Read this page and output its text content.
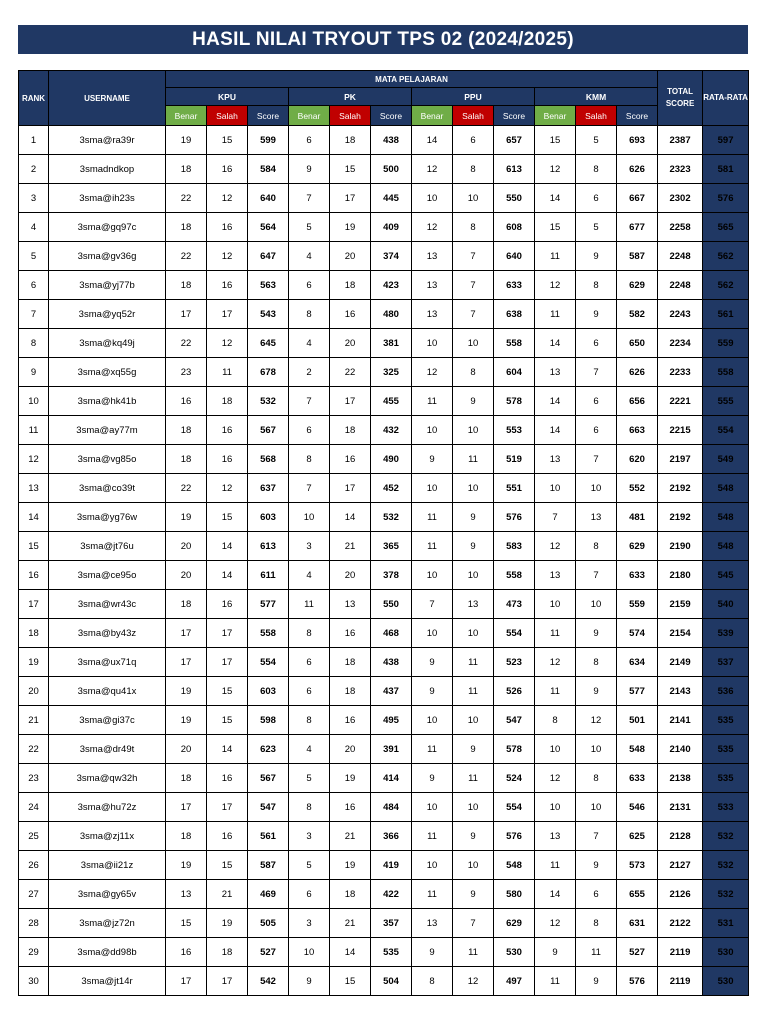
HASIL NILAI TRYOUT TPS 02 (2024/2025)
RANK	USERNAME	MATA PELAJARAN												TOTAL SCORE	RATA-RATA
		KPU			PK			PPU			KMM				
		Benar	Salah	Score	Benar	Salah	Score	Benar	Salah	Score	Benar	Salah	Score		
1	3sma@ra39r	19	15	599	6	18	438	14	6	657	15	5	693	2387	597
2	3smadndkop	18	16	584	9	15	500	12	8	613	12	8	626	2323	581
3	3sma@ih23s	22	12	640	7	17	445	10	10	550	14	6	667	2302	576
4	3sma@gq97c	18	16	564	5	19	409	12	8	608	15	5	677	2258	565
5	3sma@gv36g	22	12	647	4	20	374	13	7	640	11	9	587	2248	562
6	3sma@yj77b	18	16	563	6	18	423	13	7	633	12	8	629	2248	562
7	3sma@yq52r	17	17	543	8	16	480	13	7	638	11	9	582	2243	561
8	3sma@kq49j	22	12	645	4	20	381	10	10	558	14	6	650	2234	559
9	3sma@xq55g	23	11	678	2	22	325	12	8	604	13	7	626	2233	558
10	3sma@hk41b	16	18	532	7	17	455	11	9	578	14	6	656	2221	555
11	3sma@ay77m	18	16	567	6	18	432	10	10	553	14	6	663	2215	554
12	3sma@vg85o	18	16	568	8	16	490	9	11	519	13	7	620	2197	549
13	3sma@co39t	22	12	637	7	17	452	10	10	551	10	10	552	2192	548
14	3sma@yg76w	19	15	603	10	14	532	11	9	576	7	13	481	2192	548
15	3sma@jt76u	20	14	613	3	21	365	11	9	583	12	8	629	2190	548
16	3sma@ce95o	20	14	611	4	20	378	10	10	558	13	7	633	2180	545
17	3sma@wr43c	18	16	577	11	13	550	7	13	473	10	10	559	2159	540
18	3sma@by43z	17	17	558	8	16	468	10	10	554	11	9	574	2154	539
19	3sma@ux71q	17	17	554	6	18	438	9	11	523	12	8	634	2149	537
20	3sma@qu41x	19	15	603	6	18	437	9	11	526	11	9	577	2143	536
21	3sma@gi37c	19	15	598	8	16	495	10	10	547	8	12	501	2141	535
22	3sma@dr49t	20	14	623	4	20	391	11	9	578	10	10	548	2140	535
23	3sma@qw32h	18	16	567	5	19	414	9	11	524	12	8	633	2138	535
24	3sma@hu72z	17	17	547	8	16	484	10	10	554	10	10	546	2131	533
25	3sma@zj11x	18	16	561	3	21	366	11	9	576	13	7	625	2128	532
26	3sma@ii21z	19	15	587	5	19	419	10	10	548	11	9	573	2127	532
27	3sma@gy65v	13	21	469	6	18	422	11	9	580	14	6	655	2126	532
28	3sma@jz72n	15	19	505	3	21	357	13	7	629	12	8	631	2122	531
29	3sma@dd98b	16	18	527	10	14	535	9	11	530	9	11	527	2119	530
30	3sma@jt14r	17	17	542	9	15	504	8	12	497	11	9	576	2119	530
